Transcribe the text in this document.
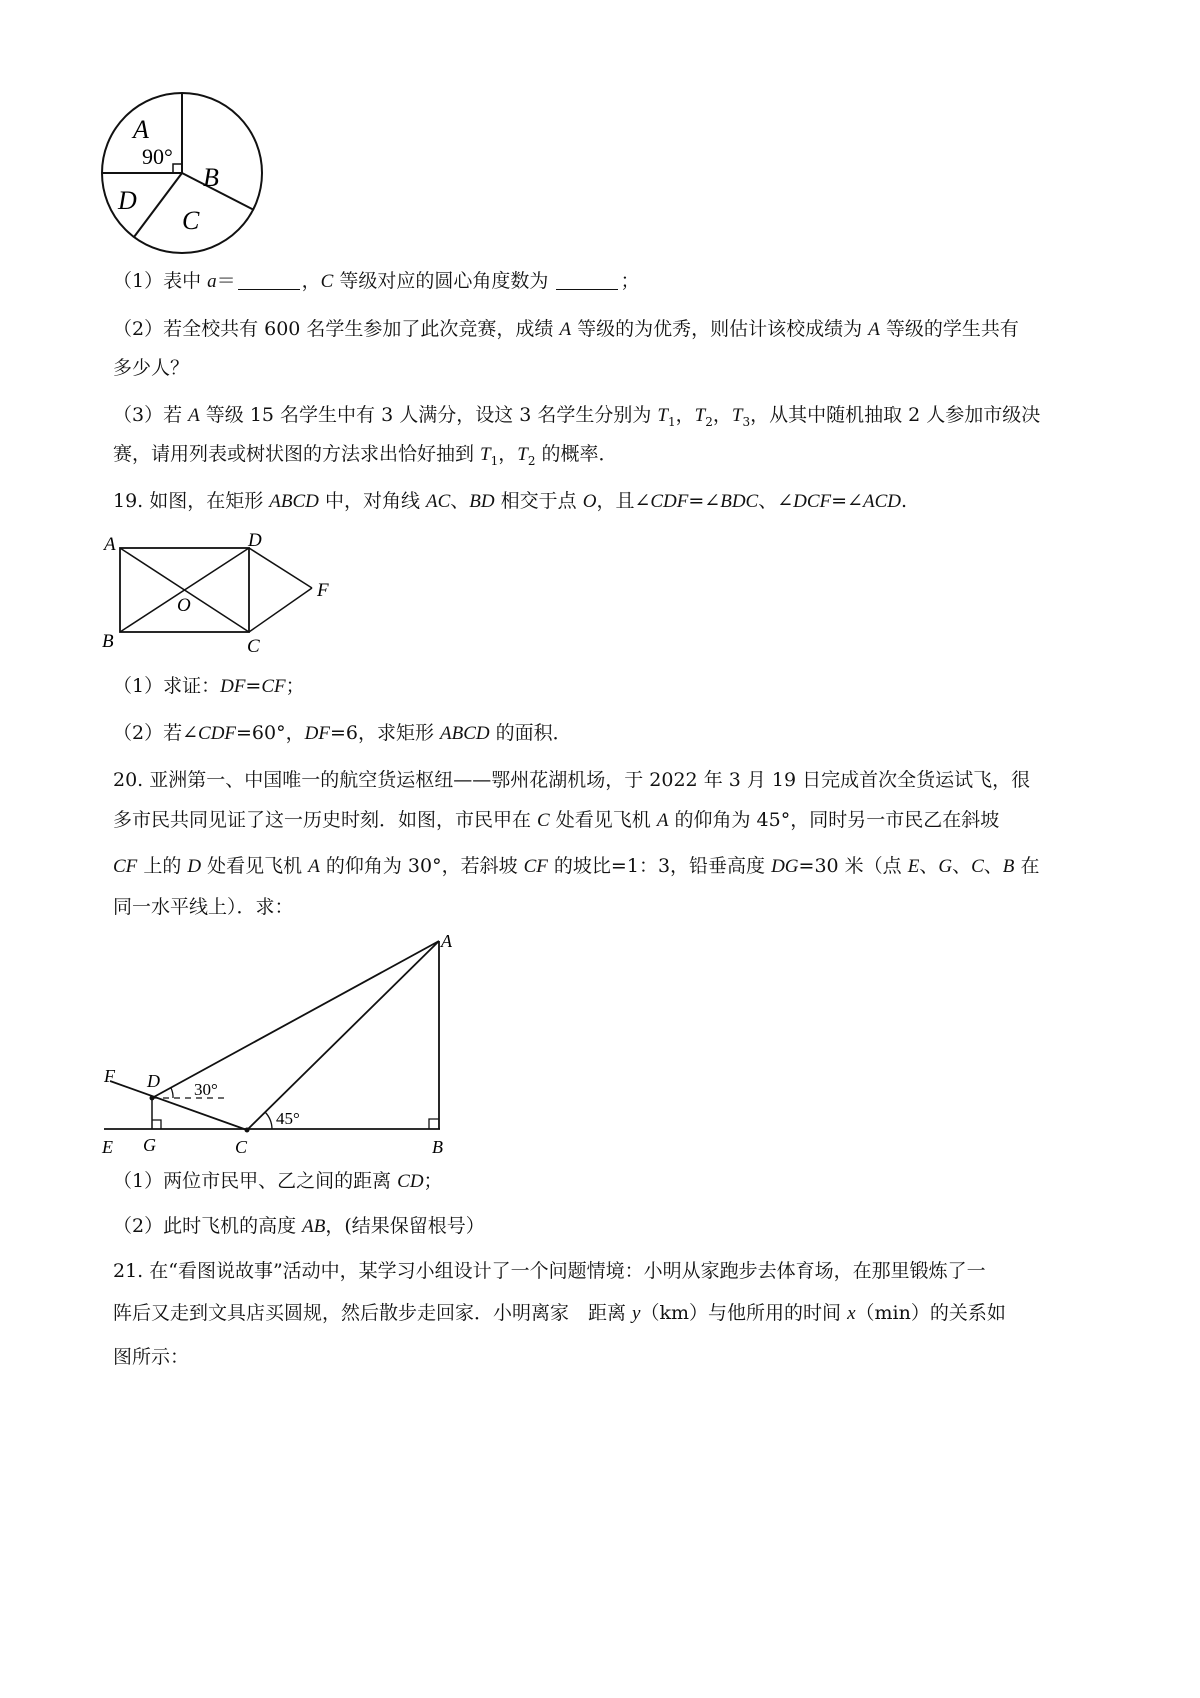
A
90°
B
D
C
（1）表中 a＝	，C 等级对应的圆心角度数为	；
（2）若全校共有 600 名学生参加了此次竞赛，成绩 A 等级的为优秀，则估计该校成绩为 A 等级的学生共有
多少人？
（3）若 A 等级 15 名学生中有 3 人满分，设这 3 名学生分别为 $T_1$，$T_2$，$T_3$，从其中随机抽取 2 人参加市级决
赛，请用列表或树状图的方法求出恰好抽到 $T_1$，$T_2$ 的概率．
19. 如图，在矩形 ABCD 中，对角线 AC、BD 相交于点 O，且∠CDF=∠BDC、∠DCF=∠ACD.
A	D
F
O
B	C
（1）求证：DF=CF；
（2）若∠CDF=60°，DF=6，求矩形 ABCD 的面积．
20. 亚洲第一、中国唯一的航空货运枢纽——鄂州花湖机场，于 2022 年 3 月 19 日完成首次全货运试飞，很
多市民共同见证了这一历史时刻．如图，市民甲在 C 处看见飞机 A 的仰角为 45°，同时另一市民乙在斜坡
CF 上的 D 处看见飞机 A 的仰角为 30°，若斜坡 CF 的坡比=1：3，铅垂高度 DG=30 米（点 E、G、C、B 在
同一水平线上）．求：
A
F D 30°
45°
E G	C	B
（1）两位市民甲、乙之间的距离 CD；
（2）此时飞机的高度 AB，(结果保留根号）
21. 在“看图说故事”活动中，某学习小组设计了一个问题情境：小明从家跑步去体育场，在那里锻炼了一
阵后又走到文具店买圆规，然后散步走回家．小明离家　距离 y（km）与他所用的时间 x（min）的关系如
图所示：
